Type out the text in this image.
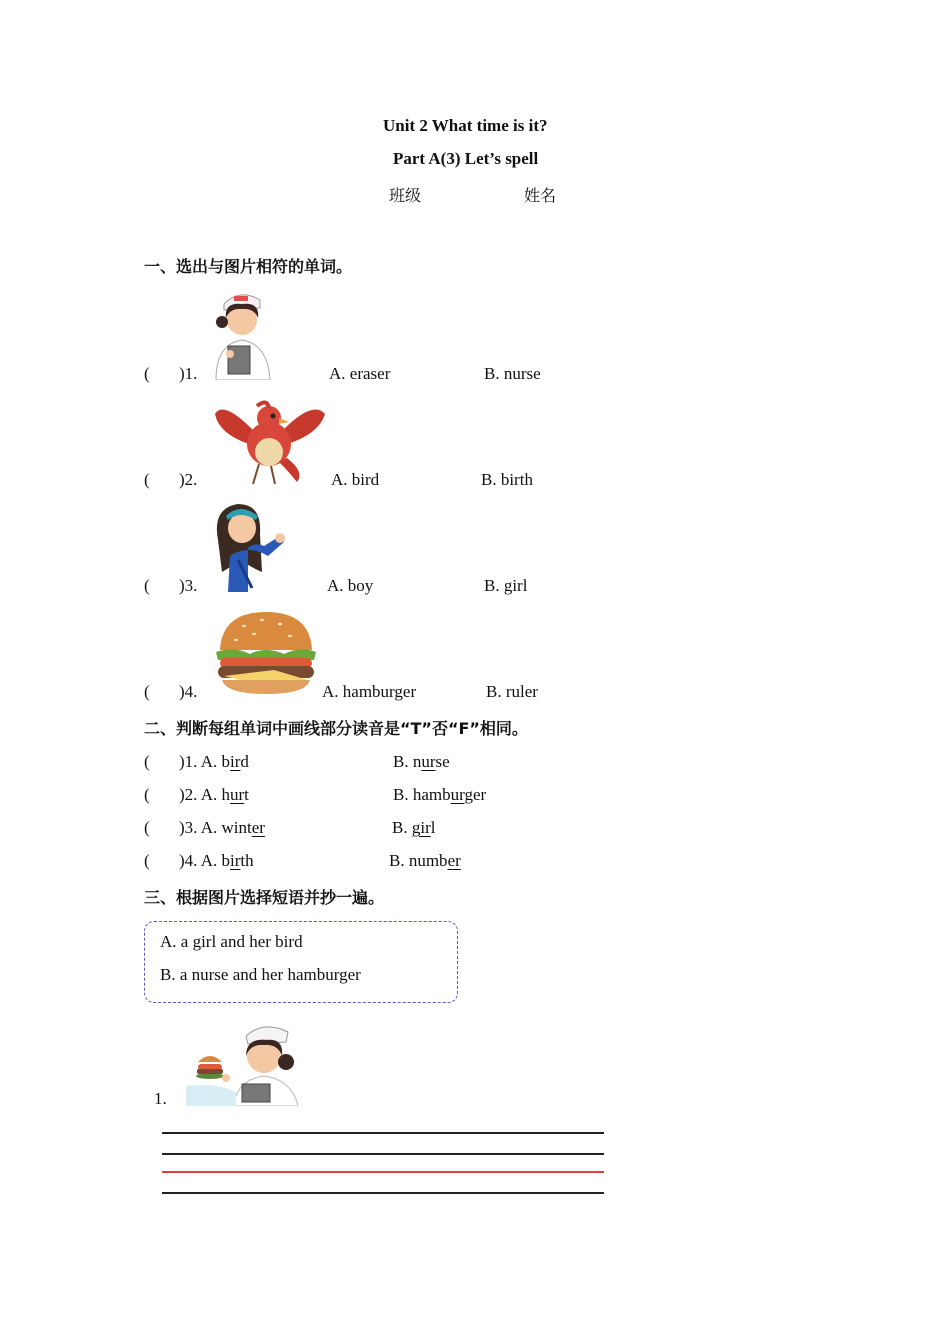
Unit 2 What time is it?
Part A(3) Let’s spell
班级	姓名
一、选出与图片相符的单词。
( )1.	A. eraser	B. nurse
( )2.	A. bird	B. birth
( )3.	A. boy	B. girl
( )4.	A. hamburger	B. ruler
二、判断每组单词中画线部分读音是“T”否“F”相同。
( )1. A. bird	B. nurse
( )2. A. hurt	B. hamburger
( )3. A. winter	B. girl
( )4. A. birth	B. number
三、根据图片选择短语并抄一遍。
A. a girl and her bird
B. a nurse and her hamburger
1.
